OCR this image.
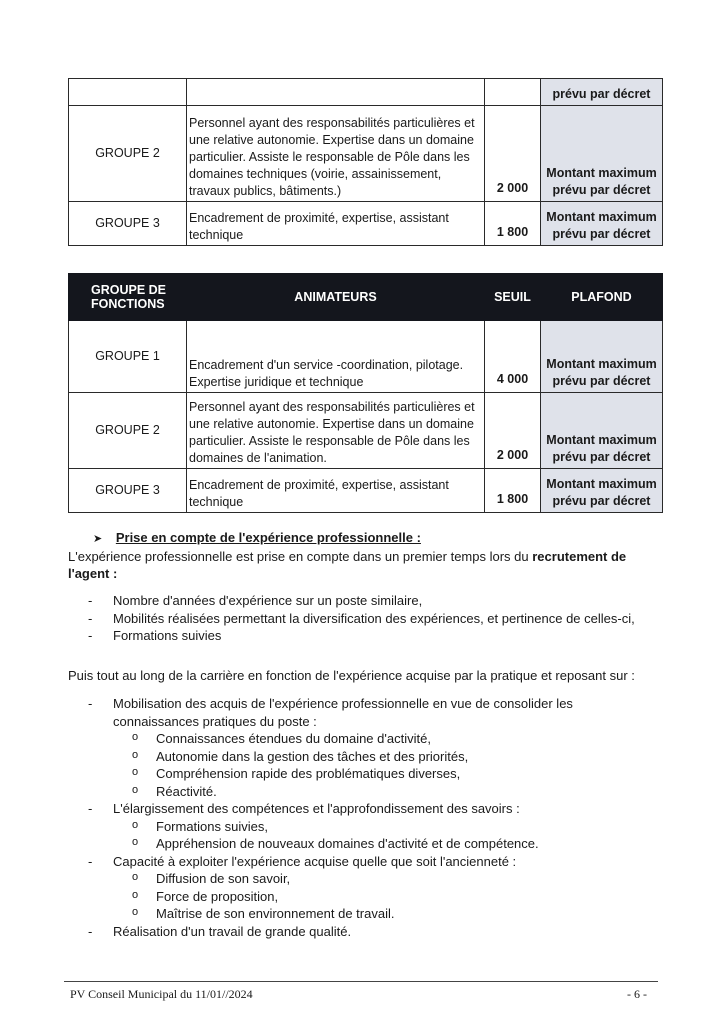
			prévu par décret
GROUPE 2	Personnel ayant des responsabilités particulières et une relative autonomie. Expertise dans un domaine particulier. Assiste le responsable de Pôle dans les domaines techniques (voirie, assainissement, travaux publics, bâtiments.)	2 000	Montant maximum prévu par décret
GROUPE 3	Encadrement de proximité, expertise, assistant technique	1 800	Montant maximum prévu par décret
GROUPE DE FONCTIONS	ANIMATEURS	SEUIL	PLAFOND
GROUPE 1	Encadrement d'un service -coordination, pilotage. Expertise juridique et technique	4 000	Montant maximum prévu par décret
GROUPE 2	Personnel ayant des responsabilités particulières et une relative autonomie. Expertise dans un domaine particulier. Assiste le responsable de Pôle dans les domaines de l'animation.	2 000	Montant maximum prévu par décret
GROUPE 3	Encadrement de proximité, expertise, assistant technique	1 800	Montant maximum prévu par décret
➤ Prise en compte de l'expérience professionnelle :
L'expérience professionnelle est prise en compte dans un premier temps lors du recrutement de l'agent :
- Nombre d'années d'expérience sur un poste similaire,
- Mobilités réalisées permettant la diversification des expériences, et pertinence de celles-ci,
- Formations suivies
Puis tout au long de la carrière en fonction de l'expérience acquise par la pratique et reposant sur :
- Mobilisation des acquis de l'expérience professionnelle en vue de consolider les connaissances pratiques du poste :
o Connaissances étendues du domaine d'activité,
o Autonomie dans la gestion des tâches et des priorités,
o Compréhension rapide des problématiques diverses,
o Réactivité.
- L'élargissement des compétences et l'approfondissement des savoirs :
o Formations suivies,
o Appréhension de nouveaux domaines d'activité et de compétence.
- Capacité à exploiter l'expérience acquise quelle que soit l'ancienneté :
o Diffusion de son savoir,
o Force de proposition,
o Maîtrise de son environnement de travail.
- Réalisation d'un travail de grande qualité.
PV Conseil Municipal du 11/01//2024	- 6 -
